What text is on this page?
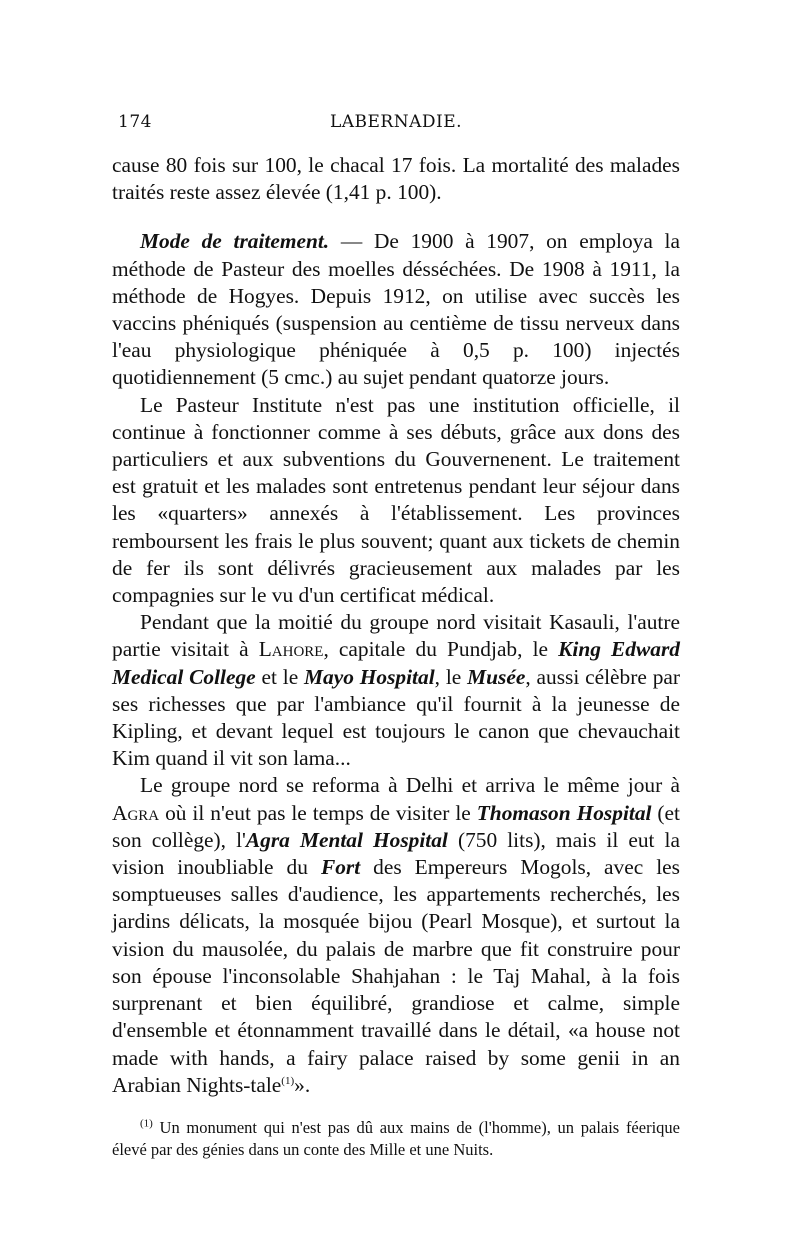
174	LABERNADIE.

cause 80 fois sur 100, le chacal 17 fois. La mortalité des malades traités reste assez élevée (1,41 p. 100).

Mode de traitement. — De 1900 à 1907, on employa la méthode de Pasteur des moelles désséchées. De 1908 à 1911, la méthode de Hogyes. Depuis 1912, on utilise avec succès les vaccins phéniqués (suspension au centième de tissu nerveux dans l'eau physiologique phéniquée à 0,5 p. 100) injectés quotidiennement (5 cmc.) au sujet pendant quatorze jours.

Le Pasteur Institute n'est pas une institution officielle, il continue à fonctionner comme à ses débuts, grâce aux dons des particuliers et aux subventions du Gouvernenent. Le traitement est gratuit et les malades sont entretenus pendant leur séjour dans les «quarters» annexés à l'établissement. Les provinces remboursent les frais le plus souvent; quant aux tickets de chemin de fer ils sont délivrés gracieusement aux malades par les compagnies sur le vu d'un certificat médical.

Pendant que la moitié du groupe nord visitait Kasauli, l'autre partie visitait à Lahore, capitale du Pundjab, le King Edward Medical College et le Mayo Hospital, le Musée, aussi célèbre par ses richesses que par l'ambiance qu'il fournit à la jeunesse de Kipling, et devant lequel est toujours le canon que chevauchait Kim quand il vit son lama...

Le groupe nord se reforma à Delhi et arriva le même jour à Agra où il n'eut pas le temps de visiter le Thomason Hospital (et son collège), l'Agra Mental Hospital (750 lits), mais il eut la vision inoubliable du Fort des Empereurs Mogols, avec les somptueuses salles d'audience, les appartements recherchés, les jardins délicats, la mosquée bijou (Pearl Mosque), et surtout la vision du mausolée, du palais de marbre que fit construire pour son épouse l'inconsolable Shahjahan : le Taj Mahal, à la fois surprenant et bien équilibré, grandiose et calme, simple d'ensemble et étonnamment travaillé dans le détail, «a house not made with hands, a fairy palace raised by some genii in an Arabian Nights-tale$^{(1)}$».

$^{(1)}$ Un monument qui n'est pas dû aux mains de (l'homme), un palais féerique élevé par des génies dans un conte des Mille et une Nuits.
